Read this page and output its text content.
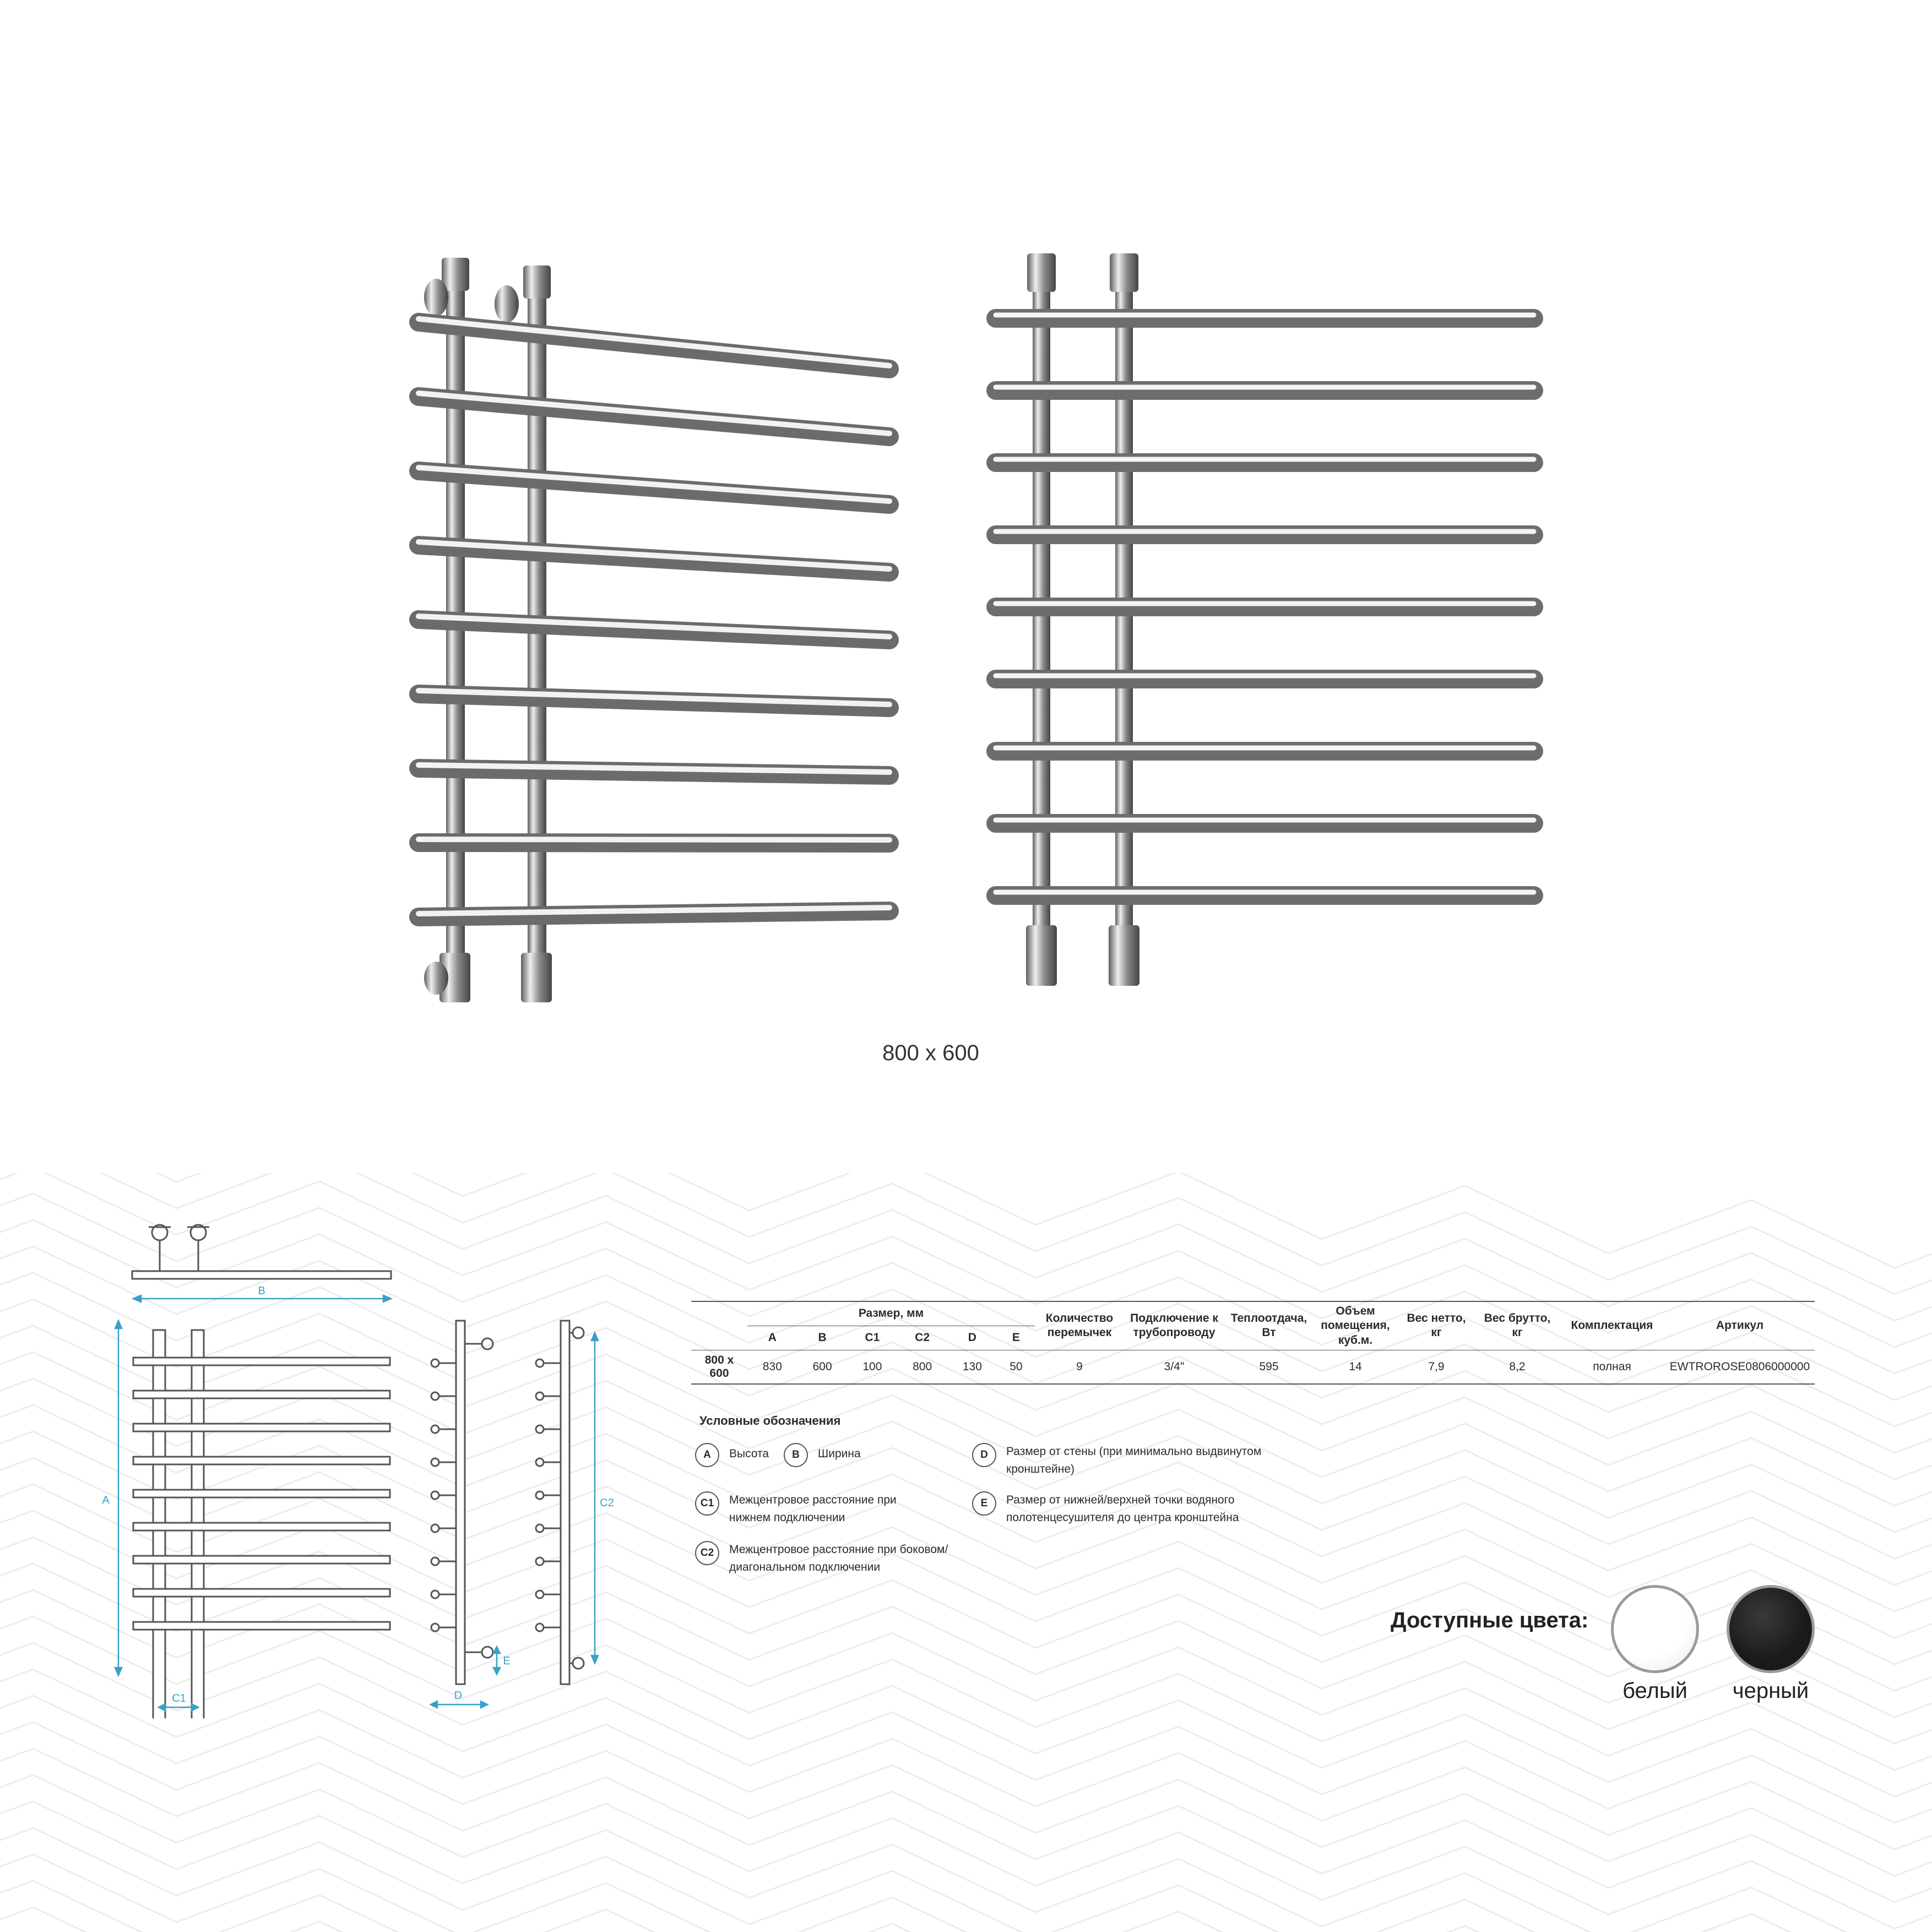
800 x 600
B
A
C1	D
E
C2
	Размер, мм						Количество перемычек	Подключение к трубопроводу	Теплоотдача, Вт	Объем помещения, куб.м.	Вес нетто, кг	Вес брутто, кг	Комплектация	Артикул
	A	B	C1	C2	D	E								
800 х 600	830	600	100	800	130	50	9	3/4"	595	14	7,9	8,2	полная	EWTROROSE0806000000
Условные обозначения
A	Высота	B	Ширина
C1	Межцентровое расстояние при нижнем подключении
C2	Межцентровое расстояние при боковом/диагональном подключении
D	Размер от стены (при минимально выдвинутом кронштейне)
E	Размер от нижней/верхней точки водяного полотенцесушителя до центра кронштейна
Доступные цвета:
белый	черный
